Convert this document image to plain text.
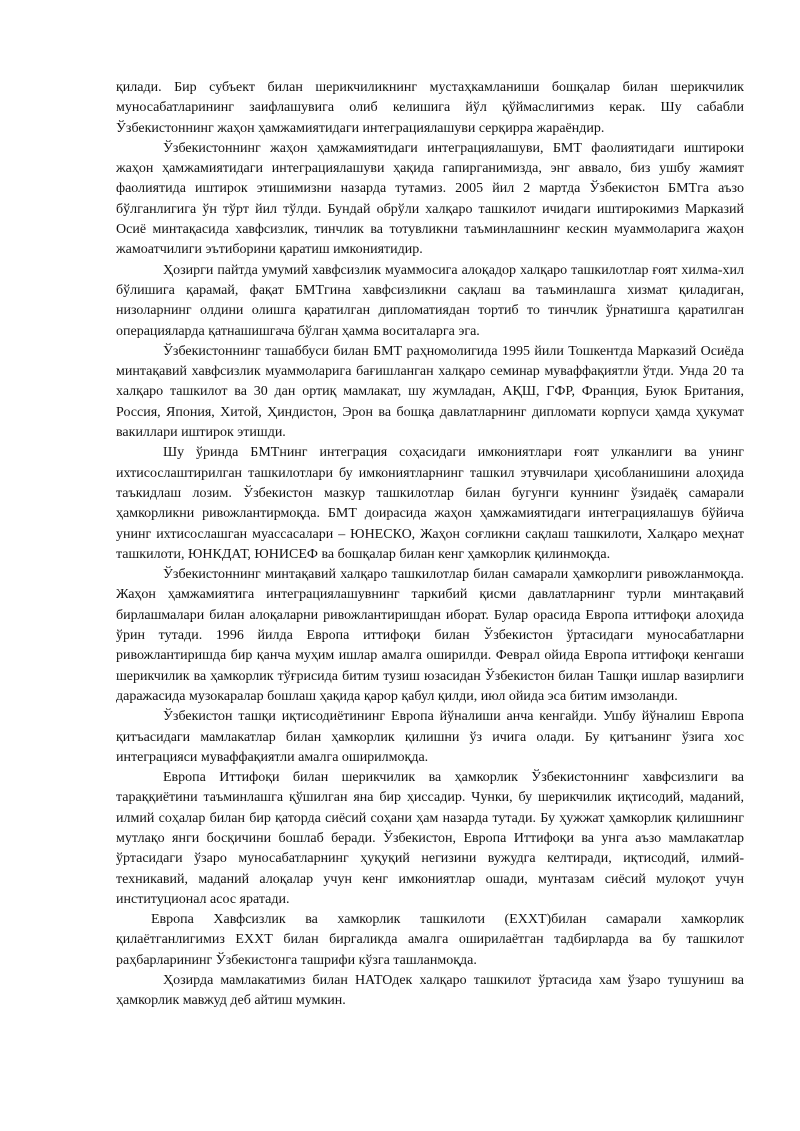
қилади. Бир субъект билан шерикчиликнинг мустаҳкамланиши бошқалар билан шерикчилик муносабатларининг заифлашувига олиб келишига йўл қўймаслигимиз керак. Шу сабабли Ўзбекистоннинг жаҳон ҳамжамиятидаги интеграциялашуви серқирра жараёндир.

Ўзбекистоннинг жаҳон ҳамжамиятидаги интеграциялашуви, БМТ фаолиятидаги иштироки жаҳон ҳамжамиятидаги интеграциялашуви ҳақида гапирганимизда, энг аввало, биз ушбу жамият фаолиятида иштирок этишимизни назарда тутамиз. 2005 йил 2 мартда Ўзбекистон БМТга аъзо бўлганлигига ўн тўрт йил тўлди. Бундай обрўли халқаро ташкилот ичидаги иштирокимиз Марказий Осиё минтақасида хавфсизлик, тинчлик ва тотувликни таъминлашнинг кескин муаммоларига жаҳон жамоатчилиги эътиборини қаратиш имкониятидир.

Ҳозирги пайтда умумий хавфсизлик муаммосига алоқадор халқаро ташкилотлар ғоят хилма-хил бўлишига қарамай, фақат БМТгина хавфсизликни сақлаш ва таъминлашга хизмат қиладиган, низоларнинг олдини олишга қаратилган дипломатиядан тортиб то тинчлик ўрнатишга қаратилган операцияларда қатнашишгача бўлган ҳамма воситаларга эга.

Ўзбекистоннинг ташаббуси билан БМТ раҳномолигида 1995 йили Тошкентда Марказий Осиёда минтақавий хавфсизлик муаммоларига бағишланган халқаро семинар муваффақиятли ўтди. Унда 20 та халқаро ташкилот ва 30 дан ортиқ мамлакат, шу жумладан, АҚШ, ГФР, Франция, Буюк Британия, Россия, Япония, Хитой, Ҳиндистон, Эрон ва бошқа давлатларнинг дипломати корпуси ҳамда ҳукумат вакиллари иштирок этишди.

Шу ўринда БМТнинг интеграция соҳасидаги имкониятлари ғоят улканлиги ва унинг ихтисослаштирилган ташкилотлари бу имкониятларнинг ташкил этувчилари ҳисобланишини алоҳида таъкидлаш лозим. Ўзбекистон мазкур ташкилотлар билан бугунги куннинг ўзидаёқ самарали ҳамкорликни ривожлантирмоқда. БМТ доирасида жаҳон ҳамжамиятидаги интеграциялашув бўйича унинг ихтисослашган муассасалари – ЮНЕСКО, Жаҳон соғликни сақлаш ташкилоти, Халқаро меҳнат ташкилоти, ЮНКДАТ, ЮНИСЕФ ва бошқалар билан кенг ҳамкорлик қилинмоқда.

Ўзбекистоннинг минтақавий халқаро ташкилотлар билан самарали ҳамкорлиги ривожланмоқда. Жаҳон ҳамжамиятига интеграциялашувнинг таркибий қисми давлатларнинг турли минтақавий бирлашмалари билан алоқаларни ривожлантиришдан иборат. Булар орасида Европа иттифоқи алоҳида ўрин тутади. 1996 йилда Европа иттифоқи билан Ўзбекистон ўртасидаги муносабатларни ривожлантиришда бир қанча муҳим ишлар амалга оширилди. Феврал ойида Европа иттифоқи кенгаши шерикчилик ва ҳамкорлик тўғрисида битим тузиш юзасидан Ўзбекистон билан Ташқи ишлар вазирлиги даражасида музокаралар бошлаш ҳақида қарор қабул қилди, июл ойида эса битим имзоланди.

Ўзбекистон ташқи иқтисодиётининг Европа йўналиши анча кенгайди. Ушбу йўналиш Европа қитъасидаги мамлакатлар билан ҳамкорлик қилишни ўз ичига олади. Бу қитъанинг ўзига хос интеграцияси муваффақиятли амалга оширилмоқда.

Европа Иттифоқи билан шерикчилик ва ҳамкорлик Ўзбекистоннинг хавфсизлиги ва тараққиётини таъминлашга қўшилган яна бир ҳиссадир. Чунки, бу шерикчилик иқтисодий, маданий, илмий соҳалар билан бир қаторда сиёсий соҳани ҳам назарда тутади. Бу ҳужжат ҳамкорлик қилишнинг мутлақо янги босқичини бошлаб беради. Ўзбекистон, Европа Иттифоқи ва унга аъзо мамлакатлар ўртасидаги ўзаро муносабатларнинг ҳуқуқий негизини вужудга келтиради, иқтисодий, илмий-техникавий, маданий алоқалар учун кенг имкониятлар ошади, мунтазам сиёсий мулоқот учун институционал асос яратади.

Европа Хавфсизлик ва хамкорлик ташкилоти (ЕХХТ)билан самарали хамкорлик қилаётганлигимиз ЕХХТ билан биргаликда амалга оширилаётган тадбирларда ва бу ташкилот раҳбарларининг Ўзбекистонга ташрифи кўзга ташланмоқда.

Ҳозирда мамлакатимиз билан НАТОдек халқаро ташкилот ўртасида хам ўзаро тушуниш ва ҳамкорлик мавжуд деб айтиш мумкин.
